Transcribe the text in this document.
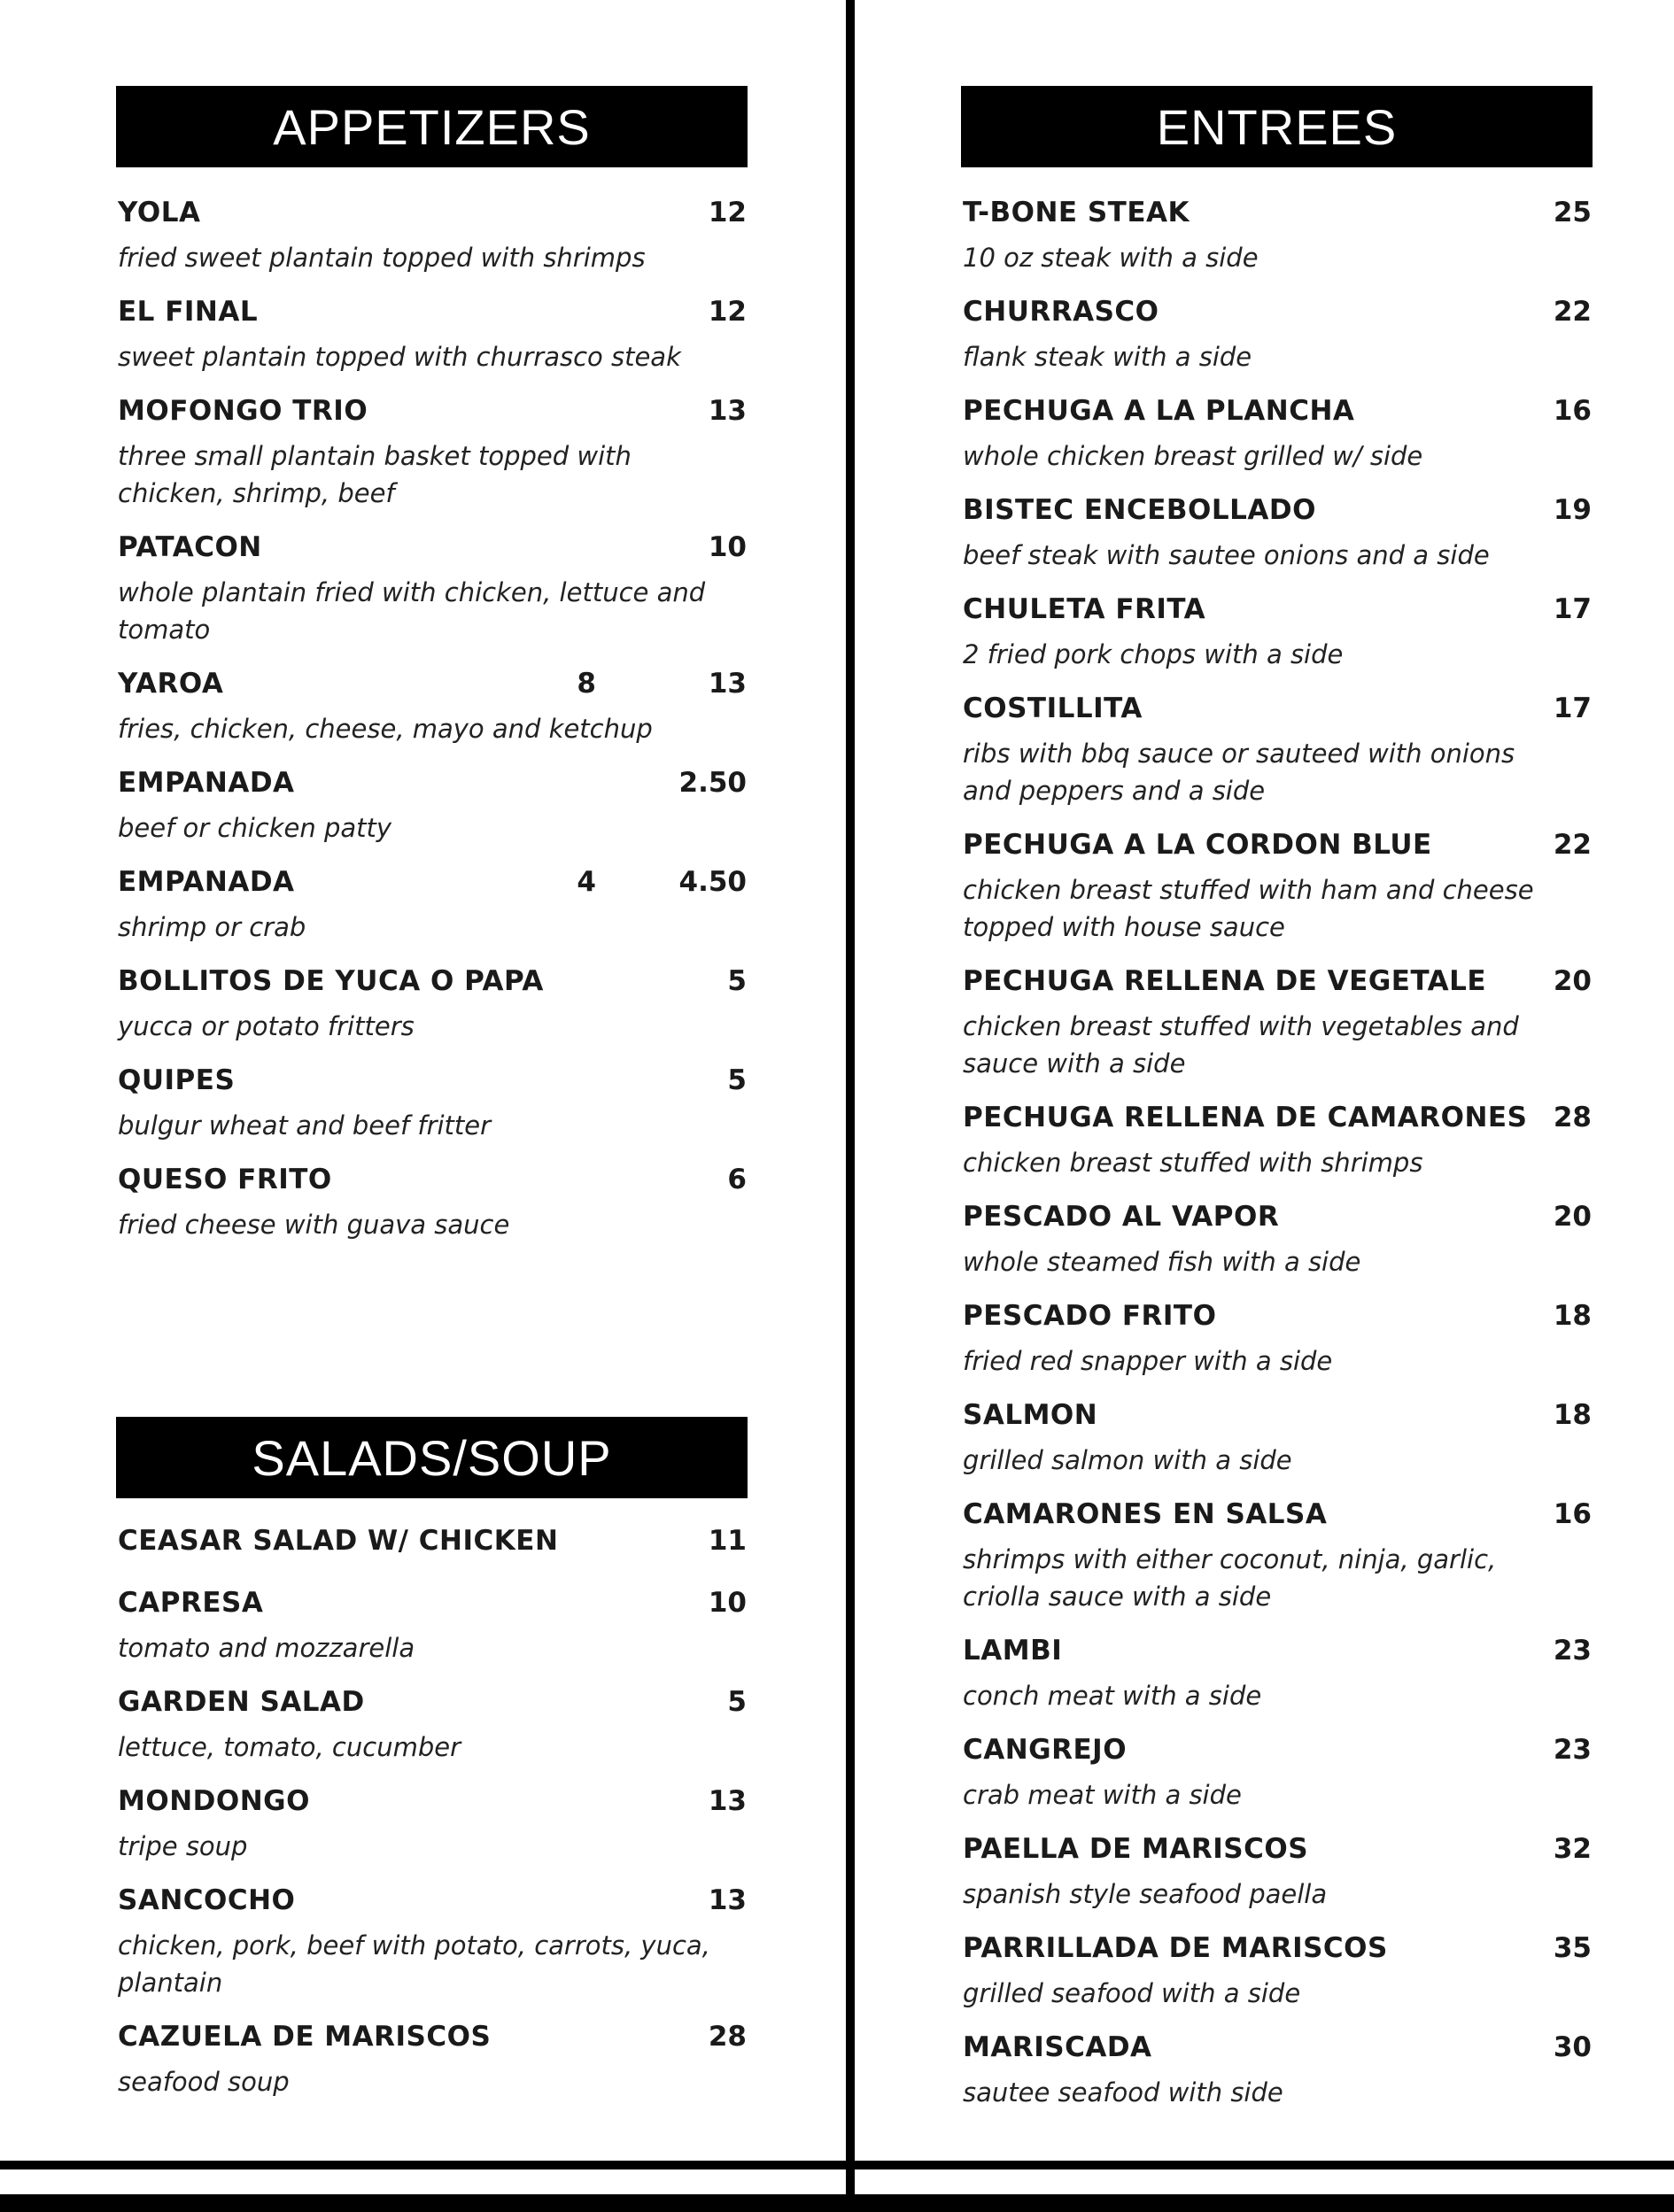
APPETIZERS	ENTREES
SALADS/SOUP
YOLA	12
fried sweet plantain topped with shrimps
EL FINAL	12
sweet plantain topped with churrasco steak
MOFONGO TRIO	13
three small plantain basket topped with chicken, shrimp, beef
PATACON	10
whole plantain fried with chicken, lettuce and tomato
YAROA	8	13
fries, chicken, cheese, mayo and ketchup
EMPANADA	2.50
beef or chicken patty
EMPANADA	4	4.50
shrimp or crab
BOLLITOS DE YUCA O PAPA	5
yucca or potato fritters
QUIPES	5
bulgur wheat and beef fritter
QUESO FRITO	6
fried cheese with guava sauce
T-BONE STEAK	25
10 oz steak with a side
CHURRASCO	22
flank steak with a side
PECHUGA A LA PLANCHA	16
whole chicken breast grilled w/ side
BISTEC ENCEBOLLADO	19
beef steak with sautee onions and a side
CHULETA FRITA	17
2 fried pork chops with a side
COSTILLITA	17
ribs with bbq sauce or sauteed with onions and peppers and a side
PECHUGA A LA CORDON BLUE	22
chicken breast stuffed with ham and cheese topped with house sauce
PECHUGA RELLENA DE VEGETALE	20
chicken breast stuffed with vegetables and sauce with a side
PECHUGA RELLENA DE CAMARONES 28
chicken breast stuffed with shrimps
PESCADO AL VAPOR	20
whole steamed fish with a side
PESCADO FRITO	18
fried red snapper with a side
SALMON	18
grilled salmon with a side
CAMARONES EN SALSA	16
shrimps with either coconut, ninja, garlic, criolla sauce with a side
LAMBI	23
conch meat with a side
CANGREJO	23
crab meat with a side
PAELLA DE MARISCOS	32
spanish style seafood paella
PARRILLADA DE MARISCOS	35
grilled seafood with a side
MARISCADA	30
sautee seafood with side
CEASAR SALAD W/ CHICKEN	11
CAPRESA	10
tomato and mozzarella
GARDEN SALAD	5
lettuce, tomato, cucumber
MONDONGO	13
tripe soup
SANCOCHO	13
chicken, pork, beef with potato, carrots, yuca, plantain
CAZUELA DE MARISCOS	28
seafood soup
